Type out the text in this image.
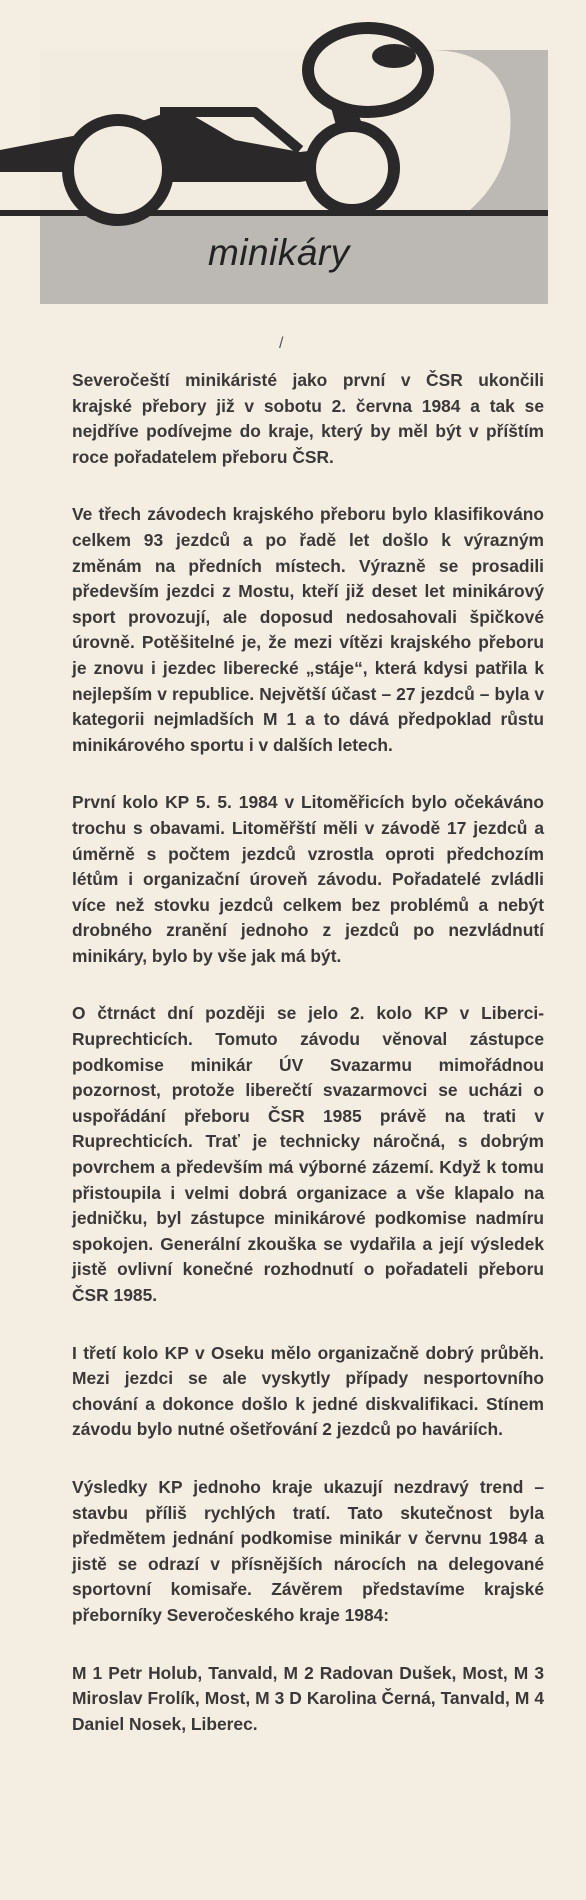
minikáry
/

Severočeští minikáristé jako první v ČSR ukončili krajské přebory již v sobotu 2. června 1984 a tak se nejdříve podívejme do kraje, který by měl být v příštím roce pořadatelem přeboru ČSR.

Ve třech závodech krajského přeboru bylo klasifikováno celkem 93 jezdců a po řadě let došlo k výrazným změnám na předních místech. Výrazně se prosadili především jezdci z Mostu, kteří již deset let minikárový sport provozují, ale doposud nedosahovali špičkové úrovně. Potěšitelné je, že mezi vítězi krajského přeboru je znovu i jezdec liberecké „stáje“, která kdysi patřila k nejlepším v republice. Největší účast – 27 jezdců – byla v kategorii nejmladších M 1 a to dává předpoklad růstu minikárového sportu i v dalších letech.

První kolo KP 5. 5. 1984 v Litoměřicích bylo očekáváno trochu s obavami. Litoměřští měli v závodě 17 jezdců a úměrně s počtem jezdců vzrostla oproti předchozím létům i organizační úroveň závodu. Pořadatelé zvládli více než stovku jezdců celkem bez problémů a nebýt drobného zranění jednoho z jezdců po nezvládnutí minikáry, bylo by vše jak má být.

O čtrnáct dní později se jelo 2. kolo KP v Liberci-Ruprechticích. Tomuto závodu věnoval zástupce podkomise minikár ÚV Svazarmu mimořádnou pozornost, protože liberečtí svazarmovci se ucházi o uspořádání přeboru ČSR 1985 právě na trati v Ruprechticích. Trať je technicky náročná, s dobrým povrchem a především má výborné zázemí. Když k tomu přistoupila i velmi dobrá organizace a vše klapalo na jedničku, byl zástupce minikárové podkomise nadmíru spokojen. Generální zkouška se vydařila a její výsledek jistě ovlivní konečné rozhodnutí o pořadateli přeboru ČSR 1985.

I třetí kolo KP v Oseku mělo organizačně dobrý průběh. Mezi jezdci se ale vyskytly případy nesportovního chování a dokonce došlo k jedné diskvalifikaci. Stínem závodu bylo nutné ošetřování 2 jezdců po haváriích.

Výsledky KP jednoho kraje ukazují nezdravý trend – stavbu příliš rychlých tratí. Tato skutečnost byla předmětem jednání podkomise minikár v červnu 1984 a jistě se odrazí v přísnějších nárocích na delegované sportovní komisaře. Závěrem představíme krajské přeborníky Severočeského kraje 1984:

M 1 Petr Holub, Tanvald, M 2 Radovan Dušek, Most, M 3 Miroslav Frolík, Most, M 3 D Karolina Černá, Tanvald, M 4 Daniel Nosek, Liberec.
